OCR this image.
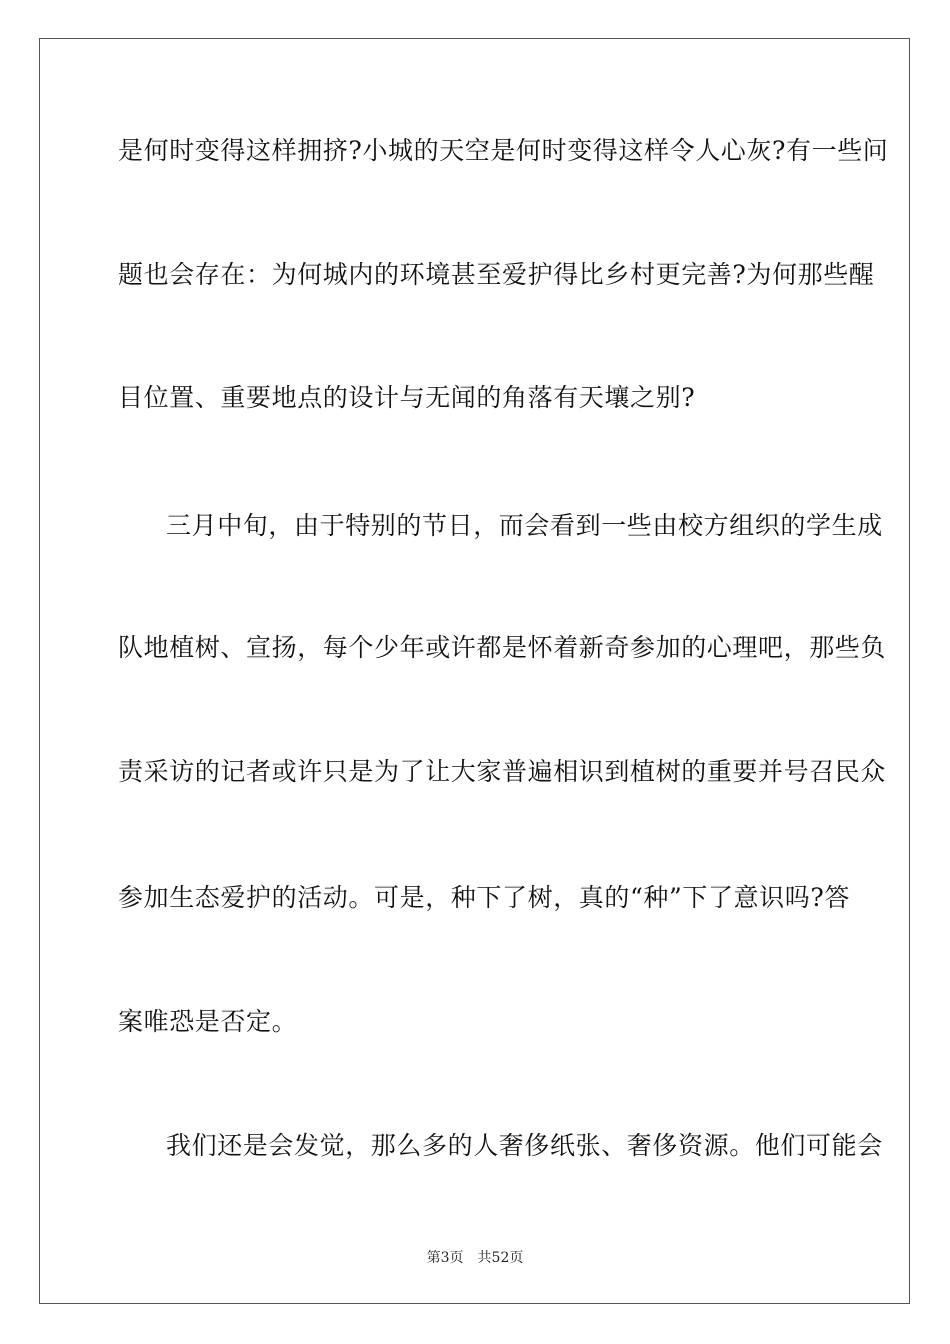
是何时变得这样拥挤?小城的天空是何时变得这样令人心灰?有一些问
题也会存在：为何城内的环境甚至爱护得比乡村更完善?为何那些醒
目位置、重要地点的设计与无闻的角落有天壤之别?
三月中旬，由于特别的节日，而会看到一些由校方组织的学生成
队地植树、宣扬，每个少年或许都是怀着新奇参加的心理吧，那些负
责采访的记者或许只是为了让大家普遍相识到植树的重要并号召民众
参加生态爱护的活动。可是，种下了树，真的“种”下了意识吗?答
案唯恐是否定。
我们还是会发觉，那么多的人奢侈纸张、奢侈资源。他们可能会
第3页 共52页
